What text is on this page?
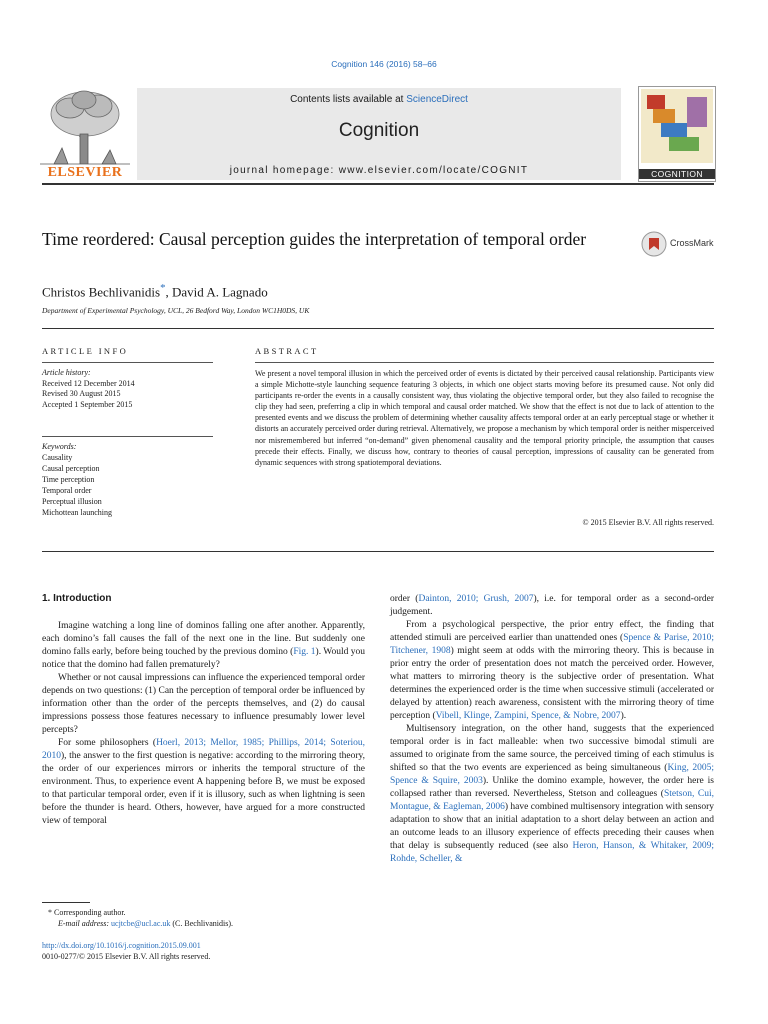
Cognition 146 (2016) 58–66
ELSEVIER
Contents lists available at ScienceDirect
Cognition
journal homepage: www.elsevier.com/locate/COGNIT	COGNITION
Time reordered: Causal perception guides the interpretation of temporal order	CrossMark
Christos Bechlivanidis*, David A. Lagnado
Department of Experimental Psychology, UCL, 26 Bedford Way, London WC1H0DS, UK
ARTICLE INFO
Article history:
Received 12 December 2014
Revised 30 August 2015
Accepted 1 September 2015
Keywords:
Causality
Causal perception
Time perception
Temporal order
Perceptual illusion
Michottean launching
ABSTRACT
We present a novel temporal illusion in which the perceived order of events is dictated by their perceived causal relationship. Participants view a simple Michotte-style launching sequence featuring 3 objects, in which one object starts moving before its presumed cause. Not only did participants re-order the events in a causally consistent way, thus violating the objective temporal order, but they also failed to recognise the clip they had seen, preferring a clip in which temporal and causal order matched. We show that the effect is not due to lack of attention to the presented events and we discuss the problem of determining whether causality affects temporal order at an early perceptual stage or whether it distorts an accurately perceived order during retrieval. Alternatively, we propose a mechanism by which temporal order is neither misperceived nor misremembered but inferred “on-demand” given phenomenal causality and the temporal priority principle, the assumption that causes precede their effects. Finally, we discuss how, contrary to theories of causal perception, impressions of causality can be generated from dynamic sequences with strong spatiotemporal deviations.
© 2015 Elsevier B.V. All rights reserved.
1. Introduction

Imagine watching a long line of dominos falling one after another. Apparently, each domino’s fall causes the fall of the next one in the line. But suddenly one domino falls early, before being touched by the previous domino (Fig. 1). Would you notice that the domino had fallen prematurely?

Whether or not causal impressions can influence the experienced temporal order depends on two questions: (1) Can the perception of temporal order be influenced by information other than the order of the percepts themselves, and (2) do causal impressions possess those features necessary to influence presumably lower level percepts?

For some philosophers (Hoerl, 2013; Mellor, 1985; Phillips, 2014; Soteriou, 2010), the answer to the first question is negative: according to the mirroring theory, the order of our experiences mirrors or inherits the temporal structure of the environment. Thus, to experience event A happening before B, we must be exposed to that particular temporal order, even if it is illusory, such as when lightning is seen before the thunder is heard. Others, however, have argued for a more constructed view of temporal

order (Dainton, 2010; Grush, 2007), i.e. for temporal order as a second-order judgement.

From a psychological perspective, the prior entry effect, the finding that attended stimuli are perceived earlier than unattended ones (Spence & Parise, 2010; Titchener, 1908) might seem at odds with the mirroring theory. This is because in prior entry the order of presentation does not match the perceived order. However, what matters to mirroring theory is the subjective order of presentation. What determines the experienced order is the time when successive stimuli (accelerated or delayed by attention) reach awareness, consistent with the mirroring theory of time perception (Vibell, Klinge, Zampini, Spence, & Nobre, 2007).

Multisensory integration, on the other hand, suggests that the experienced temporal order is in fact malleable: when two successive bimodal stimuli are assumed to originate from the same source, the perceived timing of each stimulus is shifted so that the two events are experienced as being simultaneous (King, 2005; Spence & Squire, 2003). Unlike the domino example, however, the order here is collapsed rather than reversed. Nevertheless, Stetson and colleagues (Stetson, Cui, Montague, & Eagleman, 2006) have combined multisensory integration with sensory adaptation to show that an initial adaptation to a short delay between an action and an outcome leads to an illusory experience of effects preceding their causes when that delay is subsequently reduced (see also Heron, Hanson, & Whitaker, 2009; Rohde, Scheller, &

* Corresponding author.
E-mail address: ucjtcbe@ucl.ac.uk (C. Bechlivanidis).
http://dx.doi.org/10.1016/j.cognition.2015.09.001
0010-0277/© 2015 Elsevier B.V. All rights reserved.
